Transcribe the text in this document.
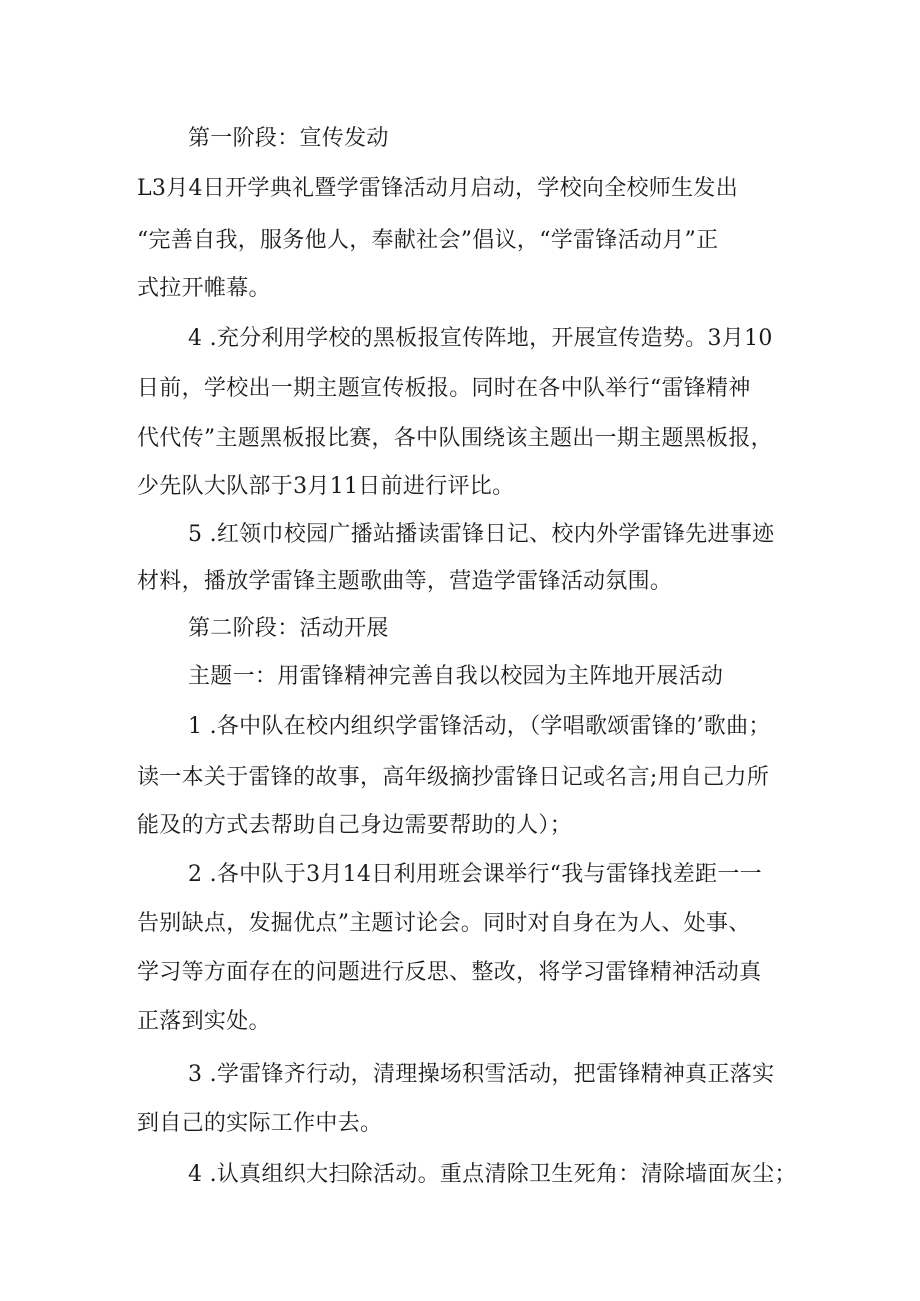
第一阶段：宣传发动
L3月4日开学典礼暨学雷锋活动月启动，学校向全校师生发出
“完善自我，服务他人，奉献社会”倡议，“学雷锋活动月”正
式拉开帷幕。
4 .充分利用学校的黑板报宣传阵地，开展宣传造势。3月10
日前，学校出一期主题宣传板报。同时在各中队举行“雷锋精神
代代传”主题黑板报比赛，各中队围绕该主题出一期主题黑板报，
少先队大队部于3月11日前进行评比。
5 .红领巾校园广播站播读雷锋日记、校内外学雷锋先进事迹
材料，播放学雷锋主题歌曲等，营造学雷锋活动氛围。
第二阶段：活动开展
主题一：用雷锋精神完善自我以校园为主阵地开展活动
1 .各中队在校内组织学雷锋活动，（学唱歌颂雷锋的’歌曲；
读一本关于雷锋的故事，高年级摘抄雷锋日记或名言;用自己力所
能及的方式去帮助自己身边需要帮助的人）；
2 .各中队于3月14日利用班会课举行“我与雷锋找差距一一
告别缺点，发掘优点”主题讨论会。同时对自身在为人、处事、
学习等方面存在的问题进行反思、整改，将学习雷锋精神活动真
正落到实处。
3 .学雷锋齐行动，清理操场积雪活动，把雷锋精神真正落实
到自己的实际工作中去。
4 .认真组织大扫除活动。重点清除卫生死角：清除墙面灰尘；
